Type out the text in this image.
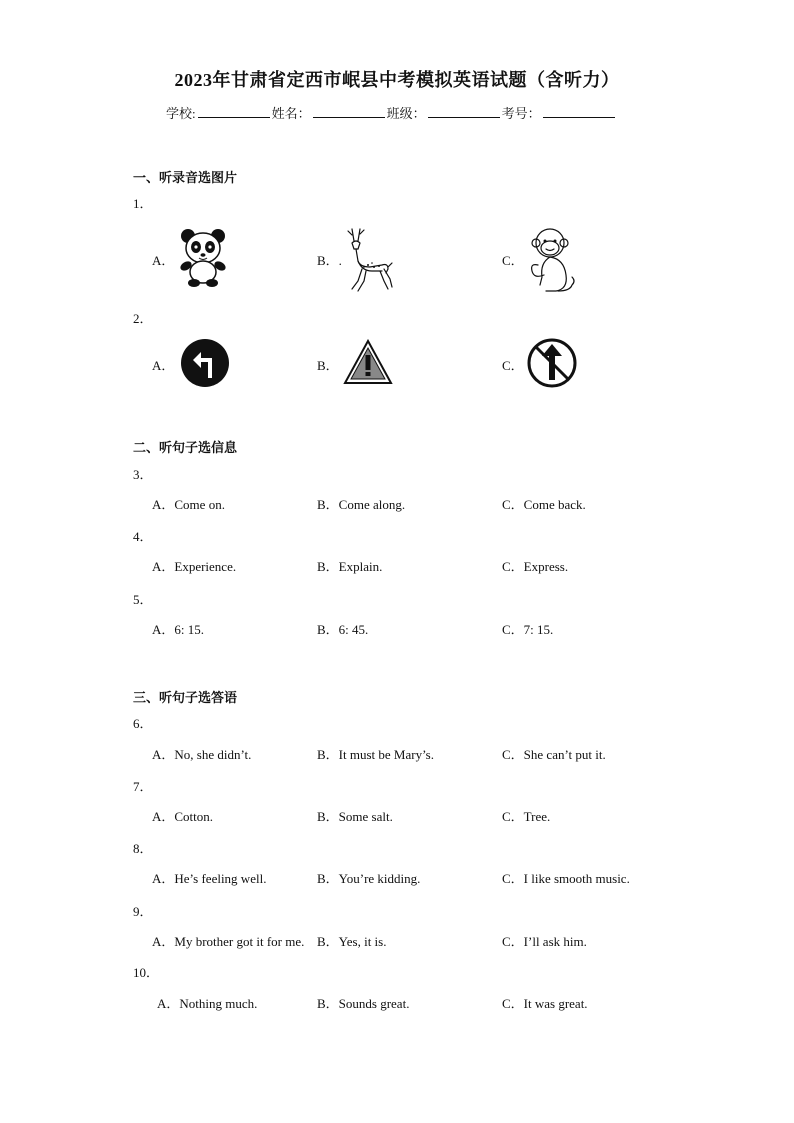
2023年甘肃省定西市岷县中考模拟英语试题（含听力）
学校:	姓名：	班级：	考号：
一、听录音选图片
1．
A．	B．.	C．
2．
A．	B．	C．
二、听句子选信息
3．
A．Come on.	B．Come along.	C．Come back.
4．
A．Experience.	B．Explain.	C．Express.
5．
A．6: 15.	B．6: 45.	C．7: 15.
三、听句子选答语
6．
A．No, she didn’t.	B．It must be Mary’s.	C．She can’t put it.
7．
A．Cotton.	B．Some salt.	C．Tree.
8．
A．He’s feeling well.	B．You’re kidding.	C．I like smooth music.
9．
A．My brother got it for me. B．Yes, it is.	C．I’ll ask him.
10．
A．Nothing much.	B．Sounds great.	C．It was great.
